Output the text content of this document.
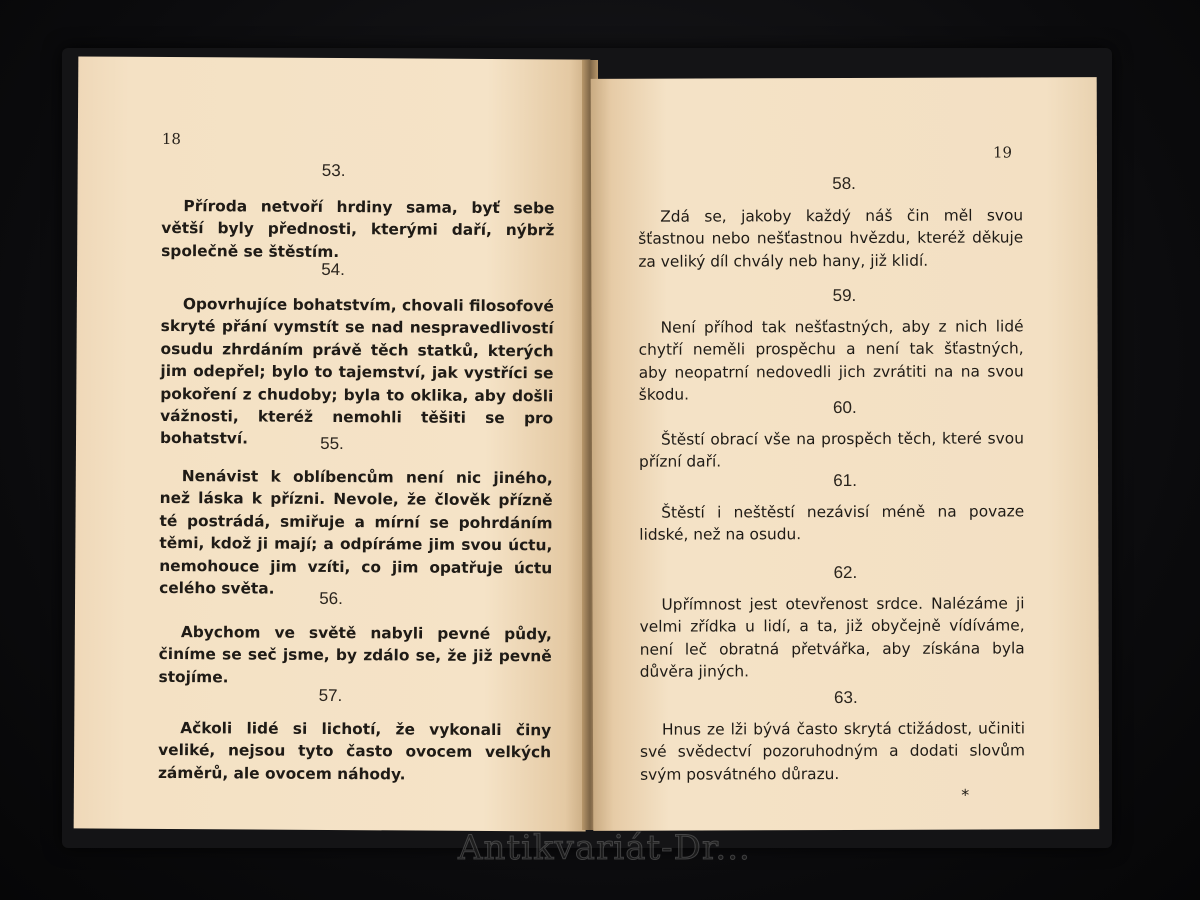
18
53.

Příroda netvoří hrdiny sama, byť sebe větší byly přednosti, kterými daří, nýbrž společně se štěstím.

54.

Opovrhujíce bohatstvím, chovali filosofové skryté přání vymstít se nad nespravedlivostí osudu zhrdáním právě těch statků, kterých jim odepřel; bylo to tajemství, jak vystříci se pokoření z chudoby; byla to oklika, aby došli vážnosti, kteréž nemohli těšiti se pro bohatství.	55.

Nenávist k oblíbencům není nic jiného, než láska k přízni. Nevole, že člověk přízně té postrádá, smiřuje a mírní se pohrdáním těmi, kdož ji mají; a odpíráme jim svou úctu, nemohouce jim vzíti, co jim opatřuje úctu celého světa.

56.

Abychom ve světě nabyli pevné půdy, činíme se seč jsme, by zdálo se, že již pevně stojíme.

57.

Ačkoli lidé si lichotí, že vykonali činy veliké, nejsou tyto často ovocem velkých záměrů, ale ovocem náhody.

19
58.

Zdá se, jakoby každý náš čin měl svou šťastnou nebo nešťastnou hvězdu, kteréž děkuje za veliký díl chvály neb hany, již klidí.

59.

Není příhod tak nešťastných, aby z nich lidé chytří neměli prospěchu a není tak šťastných, aby neopatrní nedovedli jich zvrátiti na na svou škodu.

60.

Štěstí obrací vše na prospěch těch, které svou přízní daří.

61.

Štěstí i neštěstí nezávisí méně na povaze lidské, než na osudu.

62.

Upřímnost jest otevřenost srdce. Nalézáme ji velmi zřídka u lidí, a ta, již obyčejně vídíváme, není leč obratná přetvářka, aby získána byla důvěra jiných.

63.

Hnus ze lži bývá často skrytá ctižádost, učiniti své svědectví pozoruhodným a dodati slovům svým posvátného důrazu.

*
Antikvariát-Dr...
